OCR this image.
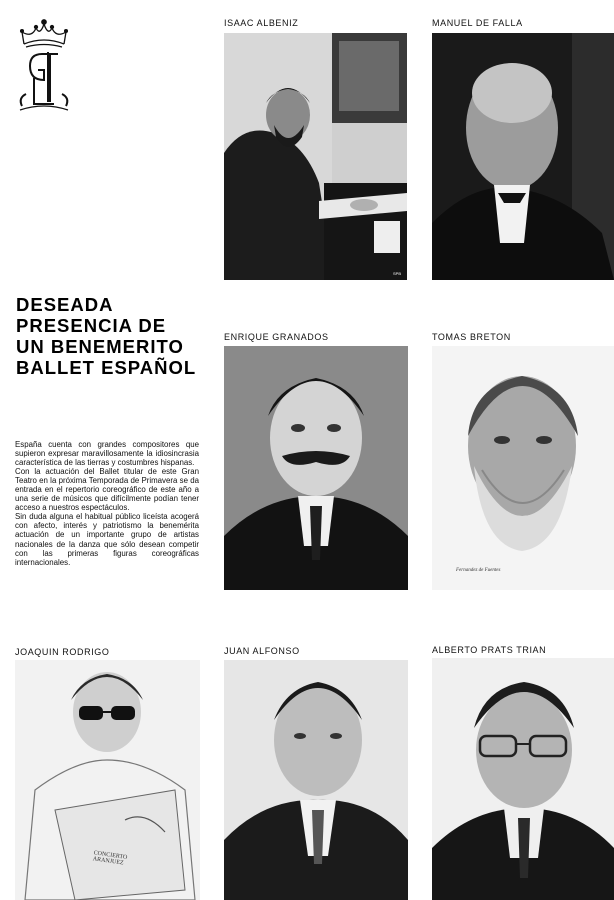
DESEADA
PRESENCIA DE
UN BENEMERITO
BALLET ESPAÑOL

España cuenta con grandes compositores que supieron expresar maravillosamente la idiosincrasia característica de las tierras y costumbres hispanas.

Con la actuación del Ballet titular de este Gran Teatro en la próxima Temporada de Primavera se da entrada en el repertorio coreográfico de este año a una serie de músicos que difícilmente podían tener acceso a nuestros espectáculos.

Sin duda alguna el habitual público liceísta acogerá con afecto, interés y patriotismo la benemérita actuación de un importante grupo de artistas nacionales de la danza que sólo desean competir con las primeras figuras coreográficas internacionales.

ISAAC ALBENIZ	MANUEL DE FALLA
ENRIQUE GRANADOS	TOMAS BRETON
JOAQUIN RODRIGO	JUAN ALFONSO	ALBERTO PRATS TRIAN
SPB
Fernandez de Fuentes
CONCIERTO ARANJUEZ
